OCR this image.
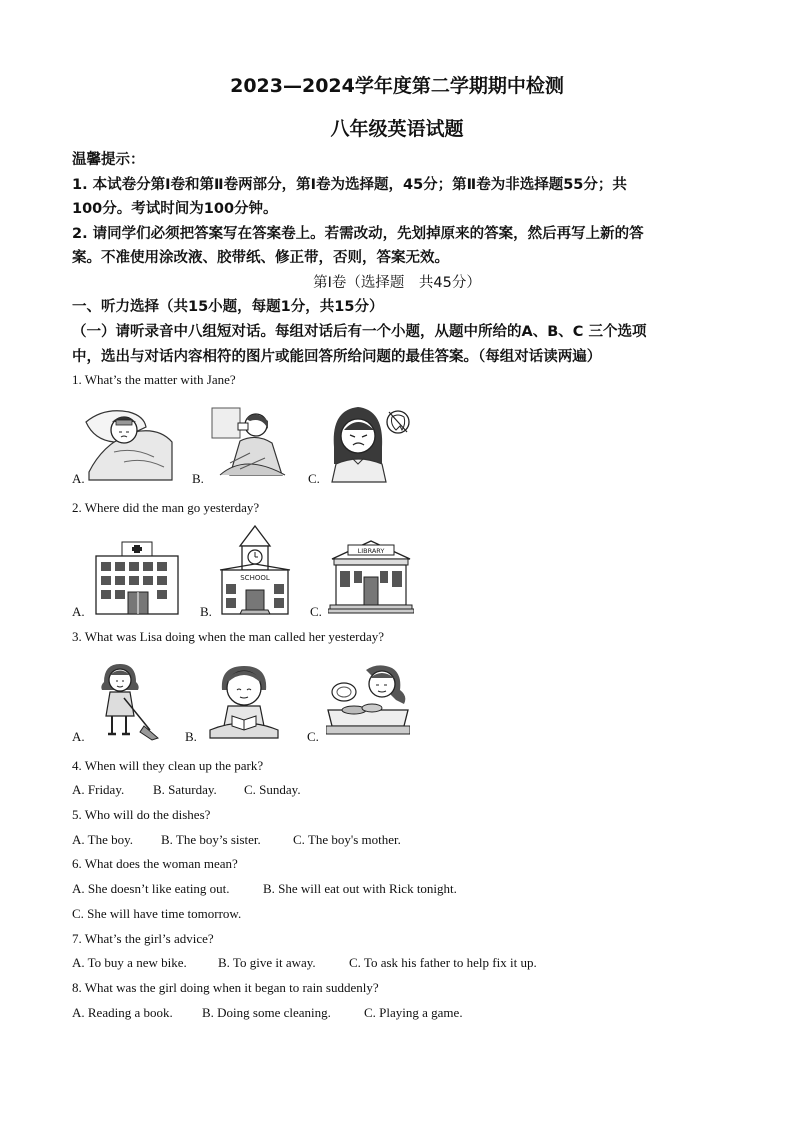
2023—2024学年度第二学期期中检测
八年级英语试题
温馨提示：
1. 本试卷分第Ⅰ卷和第Ⅱ卷两部分，第Ⅰ卷为选择题，45分；第Ⅱ卷为非选择题55分；共
100分。考试时间为100分钟。
2. 请同学们必须把答案写在答案卷上。若需改动，先划掉原来的答案，然后再写上新的答
案。不准使用涂改液、胶带纸、修正带，否则，答案无效。
第Ⅰ卷（选择题　共45分）
一、听力选择（共15小题，每题1分，共15分）
（一）请听录音中八组短对话。每组对话后有一个小题，从题中所给的A、B、C 三个选项
中，选出与对话内容相符的图片或能回答所给问题的最佳答案。（每组对话读两遍）
1. What’s the matter with Jane?
A.	B.	C.
2. Where did the man go yesterday?
A.	B.
SCHOOL
C.
LIBRARY
3. What was Lisa doing when the man called her yesterday?
A.	B.	C.
4. When will they clean up the park?
A. Friday. B. Saturday. C. Sunday.
5. Who will do the dishes?
A. The boy. B. The boy’s sister. C. The boy's mother.
6. What does the woman mean?
A. She doesn’t like eating out.	B. She will eat out with Rick tonight.
C. She will have time tomorrow.
7. What’s the girl’s advice?
A. To buy a new bike. B. To give it away.	C. To ask his father to help fix it up.
8. What was the girl doing when it began to rain suddenly?
A. Reading a book. B. Doing some cleaning.	C. Playing a game.
